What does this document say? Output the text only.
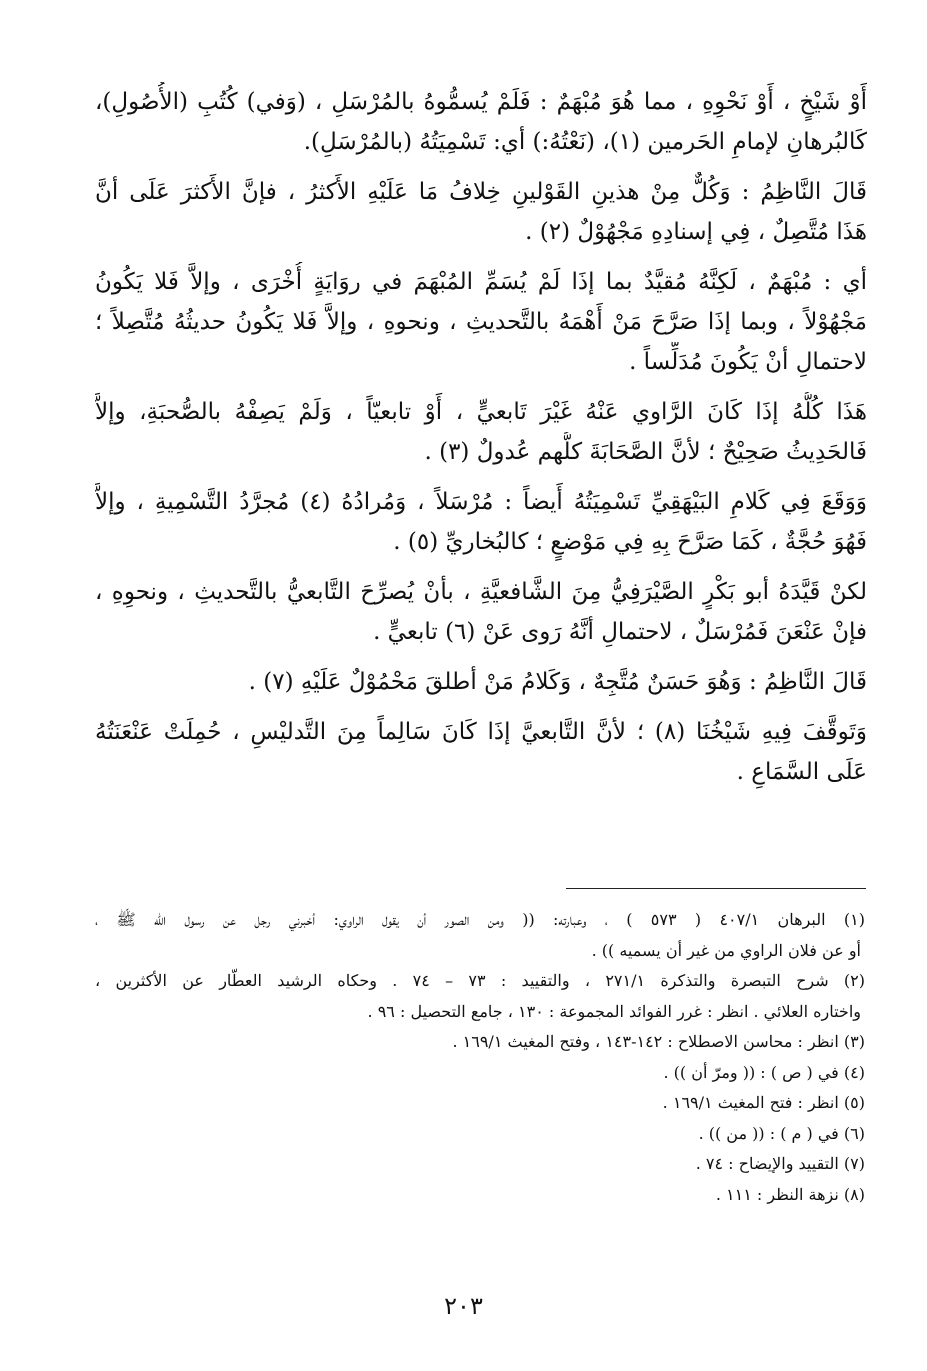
أَوْ شَيْخٍ ، أَوْ نَحْوِهِ ، مما هُوَ مُبْهَمٌ : فَلَمْ يُسمُّوهُ بالمُرْسَلِ ، (وَفي) كُتُبِ (الأُصُولِ)،
كَالبُرهانِ لإمامِ الحَرمين (١)، (نَعْتُهُ:) أي: تَسْمِيَتُهُ (بالمُرْسَلِ).
قَالَ النَّاظِمُ : وَكُلٌّ مِنْ هذينِ القَوْلينِ خِلافُ مَا عَلَيْهِ الأَكثرُ ، فإنَّ الأَكثرَ عَلَى أنَّ
هَذَا مُتَّصِلٌ ، فِي إسنادِهِ مَجْهُوْلٌ (٢) .
أي : مُبْهَمٌ ، لَكِنَّهُ مُقيَّدٌ بما إذَا لَمْ يُسَمِّ المُبْهَمَ في روَايَةٍ أُخْرَى ، وإلاَّ فَلا يَكُونُ
مَجْهُوْلاً ، وبما إذَا صَرَّحَ مَنْ أَهْمَهُ بالتَّحديثِ ، ونحوهِ ، وإلاَّ فَلا يَكُونُ حديثُهُ مُتَّصِلاً ؛
لاحتمالِ أنْ يَكُونَ مُدَلِّساً .
هَذَا كُلُّهُ إذَا كَانَ الرَّاوي عَنْهُ غَيْرَ تَابعيٍّ ، أَوْ تابعيّاً ، وَلَمْ يَصِفْهُ بالصُّحبَةِ، وإلاَّ
فَالحَدِيثُ صَحِيْحٌ ؛ لأنَّ الصَّحَابَةَ كلُّهم عُدولٌ (٣) .
وَوَقَعَ فِي كَلامِ البَيْهَقِيِّ تَسْمِيَتُهُ أَيضاً : مُرْسَلاً ، وَمُرادُهُ (٤) مُجرَّدُ التَّسْمِيةِ ، وإلاَّ
فَهُوَ حُجَّةٌ ، كَمَا صَرَّحَ بِهِ فِي مَوْضعٍ ؛ كالبُخاريِّ (٥) .
لكنْ قَيَّدَهُ أبو بَكْرٍ الصَّيْرَفِيُّ مِنَ الشَّافعيَّةِ ، بأنْ يُصرِّحَ التَّابعيُّ بالتَّحديثِ ، ونحوِهِ ،
فإنْ عَنْعَنَ فَمُرْسَلٌ ، لاحتمالِ أنَّهُ رَوى عَنْ (٦) تابعيٍّ .
قَالَ النَّاظِمُ : وَهُوَ حَسَنٌ مُتَّجِهٌ ، وَكَلامُ مَنْ أطلقَ مَحْمُوْلٌ عَلَيْهِ (٧) .
وَتَوقَّفَ فِيهِ شَيْخُنَا (٨) ؛ لأنَّ التَّابعيَّ إذَا كَانَ سَالِماً مِنَ التَّدليْسِ ، حُمِلَتْ عَنْعَنَتُهُ
عَلَى السَّمَاعِ .
(١) البرهان ٤٠٧/١ ( ٥٧٣ ) ، وعبارته: (( ومن الصور أن يقول الراوي: أخبرني رجل عن رسول الله ﷺ ،
أو عن فلان الراوي من غير أن يسميه )) .
(٢) شرح التبصرة والتذكرة ٢٧١/١ ، والتقييد : ٧٣ – ٧٤ . وحكاه الرشيد العطّار عن الأكثرين ،
واختاره العلائي . انظر : غرر الفوائد المجموعة : ١٣٠ ، جامع التحصيل : ٩٦ .
(٣) انظر : محاسن الاصطلاح : ١٤٢-١٤٣ ، وفتح المغيث ١٦٩/١ .
(٤) في ( ص ) : (( ومرّ أن )) .
(٥) انظر : فتح المغيث ١٦٩/١ .
(٦) في ( م ) : (( من )) .
(٧) التقييد والإيضاح : ٧٤ .
(٨) نزهة النظر : ١١١ .
٢٠٣
